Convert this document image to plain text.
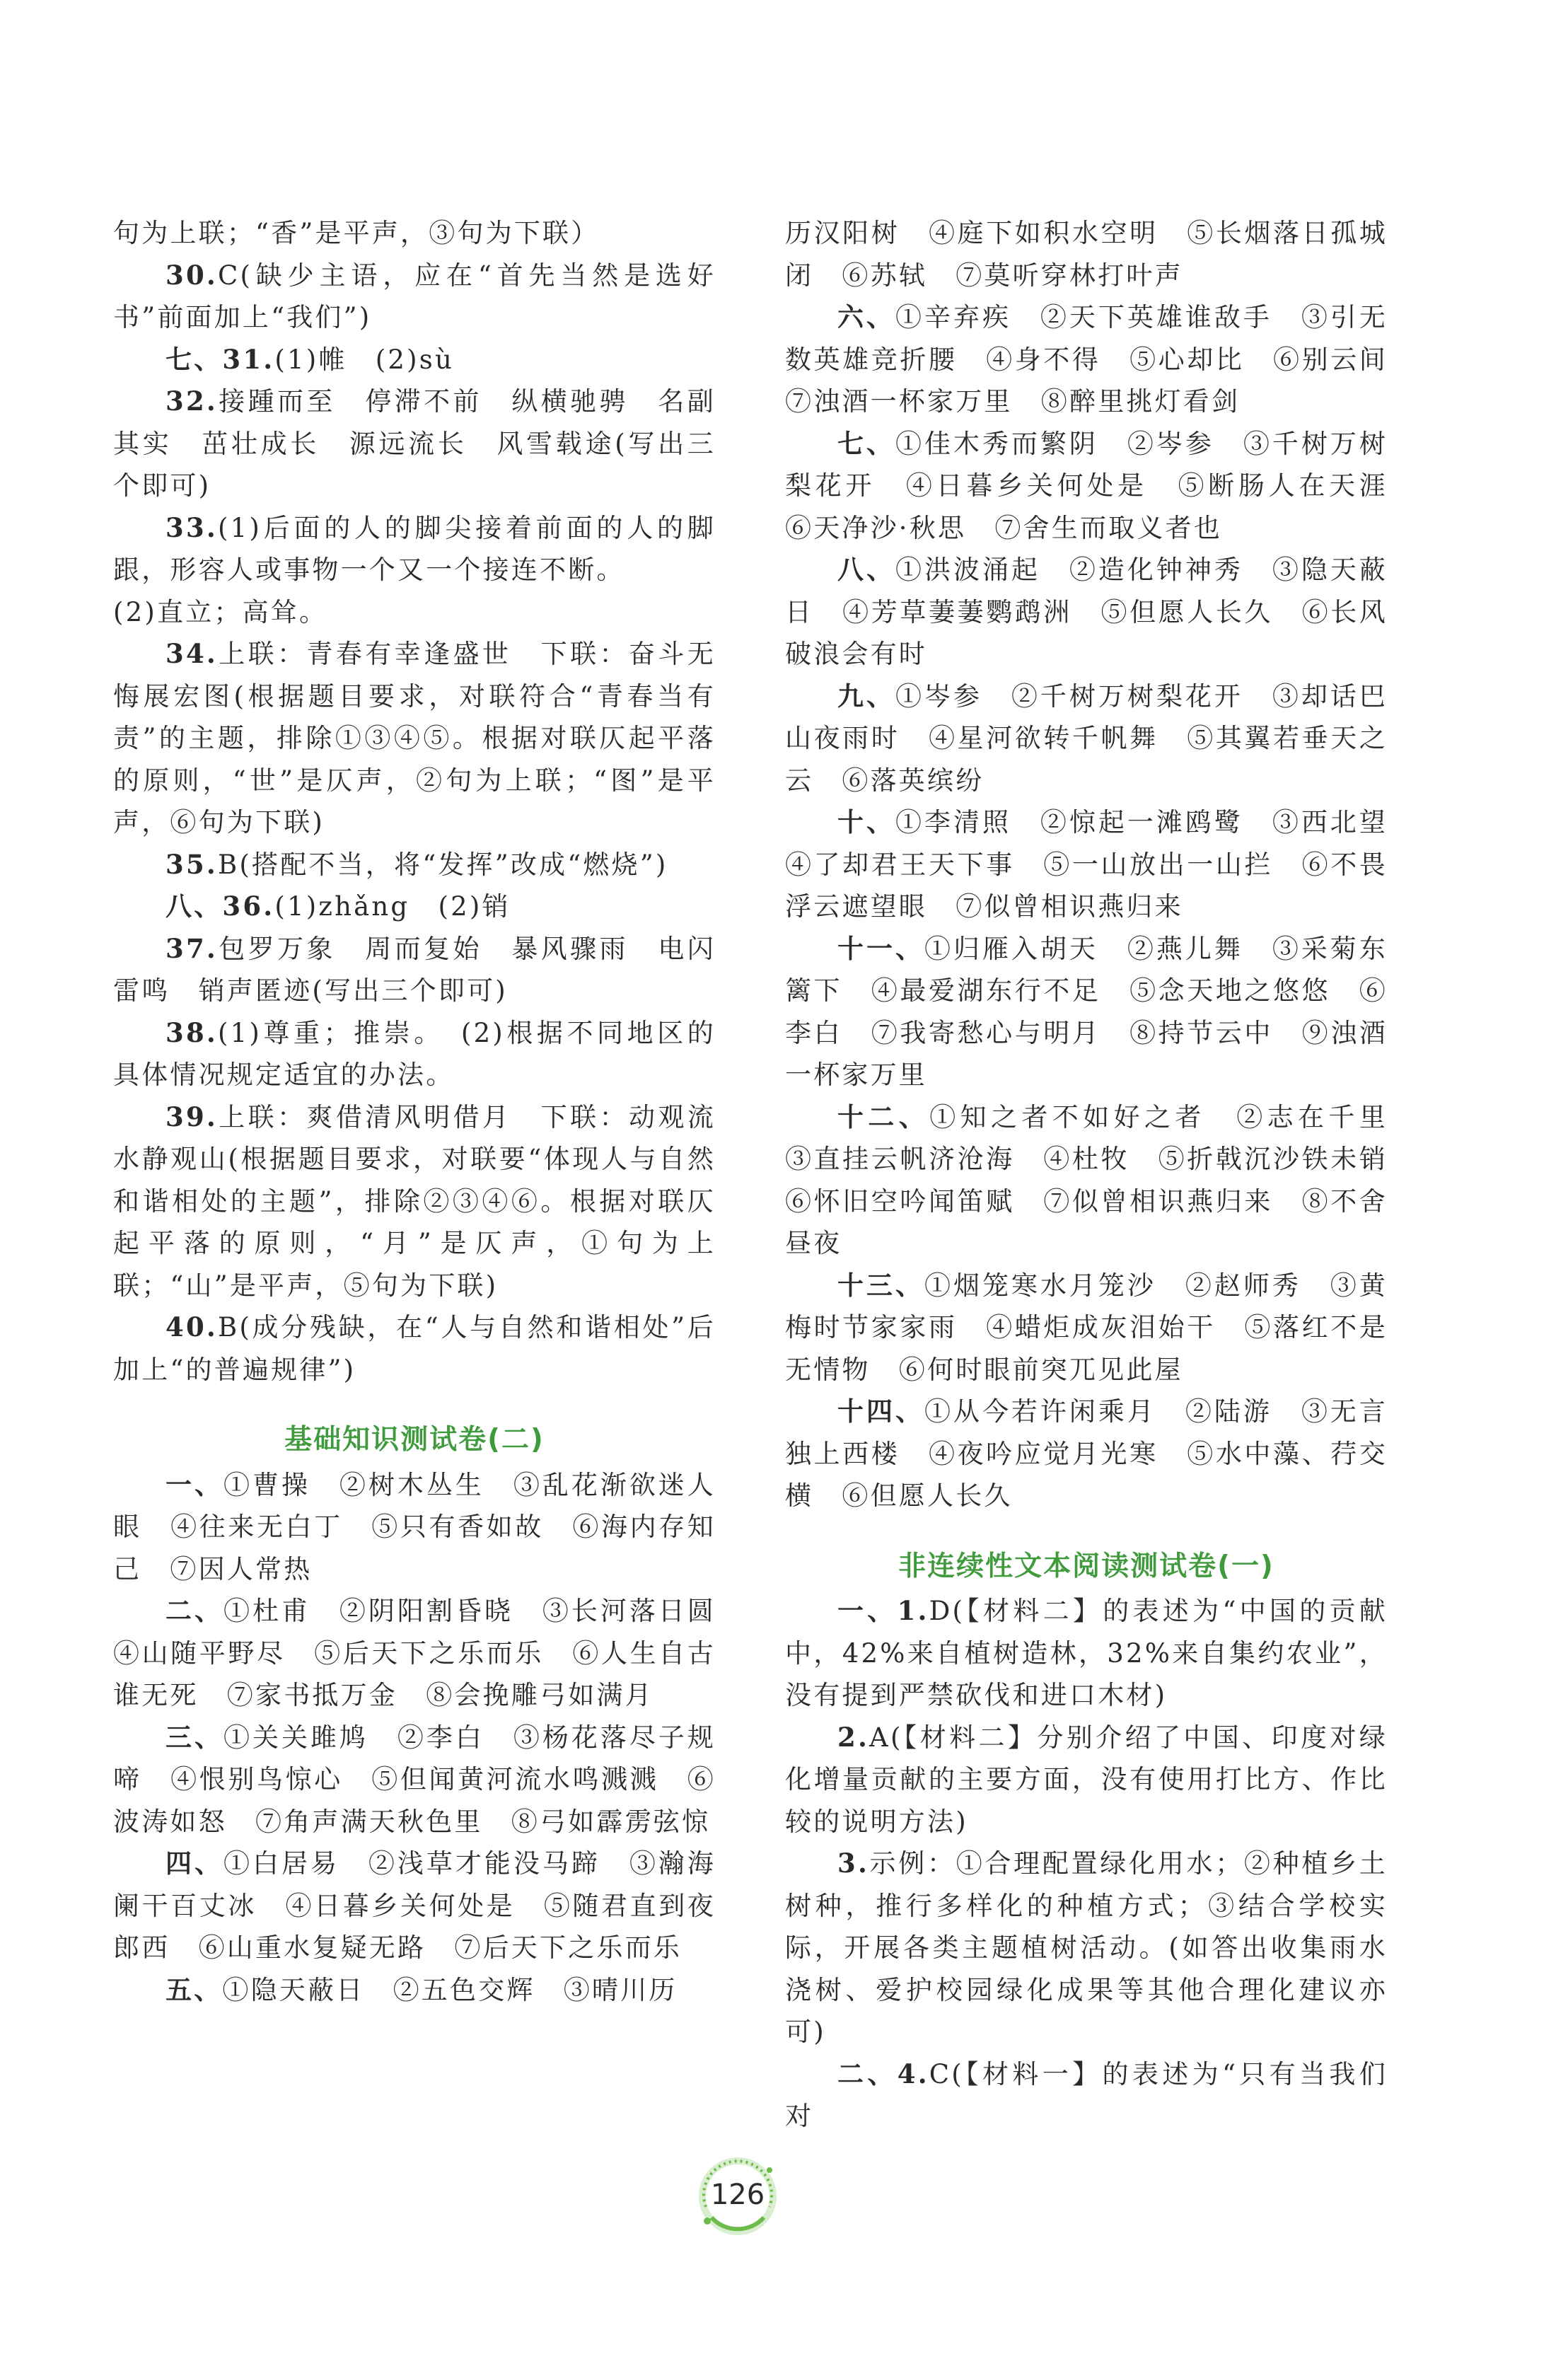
句为上联；“香”是平声，③句为下联）

30.C(缺少主语，应在“首先当然是选好书”前面加上“我们”)

七、31.(1)帷　(2)sù

32.接踵而至　停滞不前　纵横驰骋　名副其实　茁壮成长　源远流长　风雪载途(写出三个即可)

33.(1)后面的人的脚尖接着前面的人的脚跟，形容人或事物一个又一个接连不断。

(2)直立；高耸。

34.上联：青春有幸逢盛世　下联：奋斗无悔展宏图(根据题目要求，对联符合“青春当有责”的主题，排除①③④⑤。根据对联仄起平落的原则，“世”是仄声，②句为上联；“图”是平声，⑥句为下联)

35.B(搭配不当，将“发挥”改成“燃烧”)

八、36.(1)zhǎng　(2)销

37.包罗万象　周而复始　暴风骤雨　电闪雷鸣　销声匿迹(写出三个即可)

38.(1)尊重；推崇。　(2)根据不同地区的具体情况规定适宜的办法。

39.上联：爽借清风明借月　下联：动观流水静观山(根据题目要求，对联要“体现人与自然和谐相处的主题”，排除②③④⑥。根据对联仄起平落的原则，“月”是仄声，①句为上联；“山”是平声，⑤句为下联)

40.B(成分残缺，在“人与自然和谐相处”后加上“的普遍规律”)

基础知识测试卷(二)

一、①曹操　②树木丛生　③乱花渐欲迷人眼　④往来无白丁　⑤只有香如故　⑥海内存知己　⑦因人常热

二、①杜甫　②阴阳割昏晓　③长河落日圆　④山随平野尽　⑤后天下之乐而乐　⑥人生自古谁无死　⑦家书抵万金　⑧会挽雕弓如满月

三、①关关雎鸠　②李白　③杨花落尽子规啼　④恨别鸟惊心　⑤但闻黄河流水鸣溅溅　⑥波涛如怒　⑦角声满天秋色里　⑧弓如霹雳弦惊

四、①白居易　②浅草才能没马蹄　③瀚海阑干百丈冰　④日暮乡关何处是　⑤随君直到夜郎西　⑥山重水复疑无路　⑦后天下之乐而乐

五、①隐天蔽日　②五色交辉　③晴川历

历汉阳树　④庭下如积水空明　⑤长烟落日孤城闭　⑥苏轼　⑦莫听穿林打叶声

六、①辛弃疾　②天下英雄谁敌手　③引无数英雄竞折腰　④身不得　⑤心却比　⑥别云间　⑦浊酒一杯家万里　⑧醉里挑灯看剑

七、①佳木秀而繁阴　②岑参　③千树万树梨花开　④日暮乡关何处是　⑤断肠人在天涯　⑥天净沙·秋思　⑦舍生而取义者也

八、①洪波涌起　②造化钟神秀　③隐天蔽日　④芳草萋萋鹦鹉洲　⑤但愿人长久　⑥长风破浪会有时

九、①岑参　②千树万树梨花开　③却话巴山夜雨时　④星河欲转千帆舞　⑤其翼若垂天之云　⑥落英缤纷

十、①李清照　②惊起一滩鸥鹭　③西北望　④了却君王天下事　⑤一山放出一山拦　⑥不畏浮云遮望眼　⑦似曾相识燕归来

十一、①归雁入胡天　②燕儿舞　③采菊东篱下　④最爱湖东行不足　⑤念天地之悠悠　⑥李白　⑦我寄愁心与明月　⑧持节云中　⑨浊酒一杯家万里

十二、①知之者不如好之者　②志在千里　③直挂云帆济沧海　④杜牧　⑤折戟沉沙铁未销　⑥怀旧空吟闻笛赋　⑦似曾相识燕归来　⑧不舍昼夜

十三、①烟笼寒水月笼沙　②赵师秀　③黄梅时节家家雨　④蜡炬成灰泪始干　⑤落红不是无情物　⑥何时眼前突兀见此屋

十四、①从今若许闲乘月　②陆游　③无言独上西楼　④夜吟应觉月光寒　⑤水中藻、荇交横　⑥但愿人长久

非连续性文本阅读测试卷(一)

一、1.D(【材料二】的表述为“中国的贡献中，42%来自植树造林，32%来自集约农业”，没有提到严禁砍伐和进口木材)

2.A(【材料二】分别介绍了中国、印度对绿化增量贡献的主要方面，没有使用打比方、作比较的说明方法)

3.示例：①合理配置绿化用水；②种植乡土树种，推行多样化的种植方式；③结合学校实际，开展各类主题植树活动。(如答出收集雨水浇树、爱护校园绿化成果等其他合理化建议亦可)

二、4.C(【材料一】的表述为“只有当我们对

126
